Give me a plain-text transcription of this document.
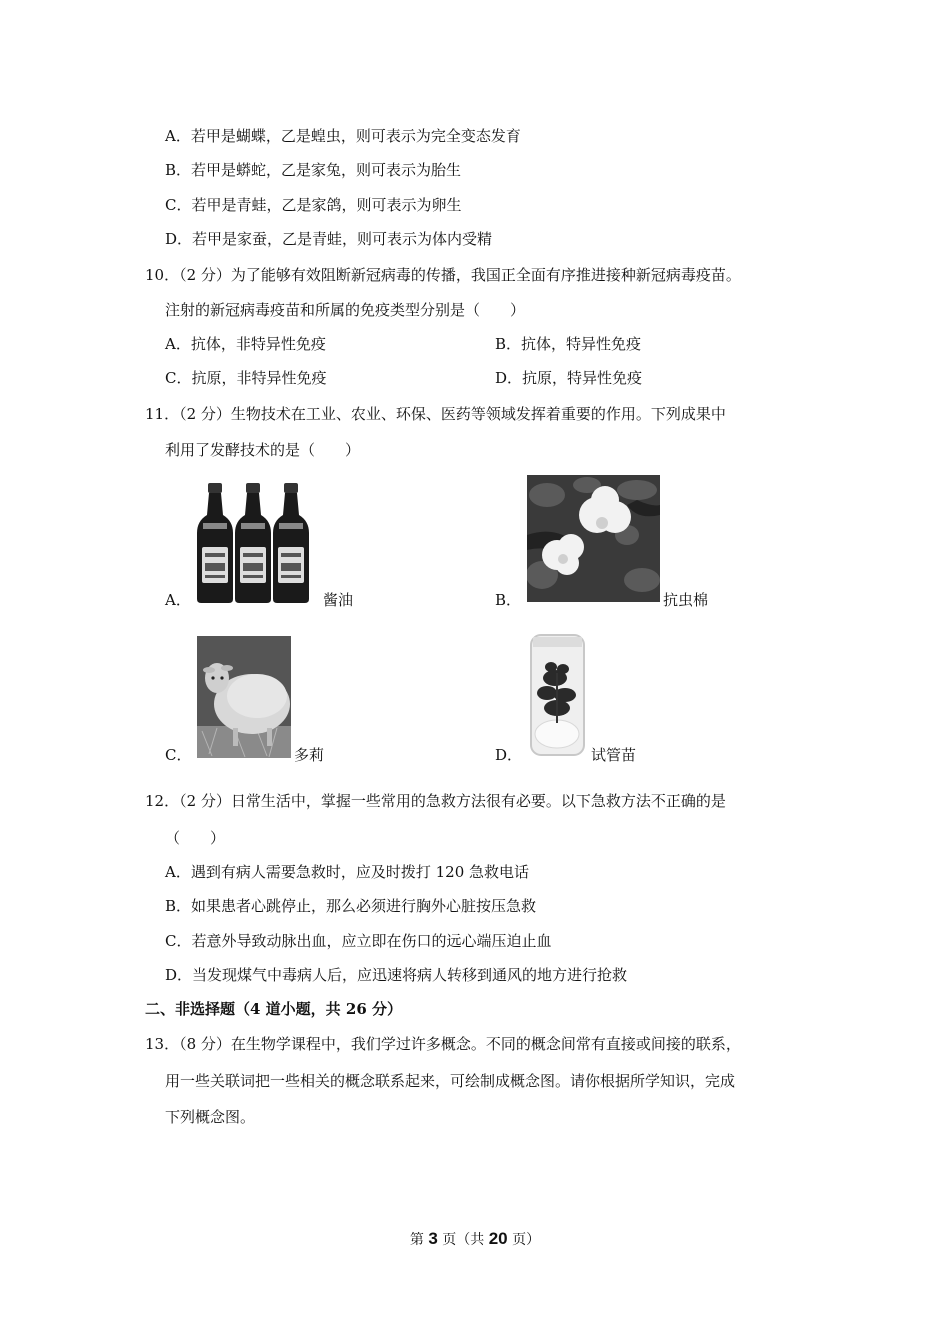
A．若甲是蝴蝶，乙是蝗虫，则可表示为完全变态发育
B．若甲是蟒蛇，乙是家兔，则可表示为胎生
C．若甲是青蛙，乙是家鸽，则可表示为卵生
D．若甲是家蚕，乙是青蛙，则可表示为体内受精
10．（2 分）为了能够有效阻断新冠病毒的传播，我国正全面有序推进接种新冠病毒疫苗。
注射的新冠病毒疫苗和所属的免疫类型分别是（　　）
A．抗体，非特异性免疫	B．抗体，特异性免疫
C．抗原，非特异性免疫	D．抗原，特异性免疫
11．（2 分）生物技术在工业、农业、环保、医药等领域发挥着重要的作用。下列成果中
利用了发酵技术的是（　　）
A．	酱油	B．	抗虫棉
C．	多莉	D．	试管苗
12．（2 分）日常生活中，掌握一些常用的急救方法很有必要。以下急救方法不正确的是
（　　）
A．遇到有病人需要急救时，应及时拨打 120 急救电话
B．如果患者心跳停止，那么必须进行胸外心脏按压急救
C．若意外导致动脉出血，应立即在伤口的远心端压迫止血
D．当发现煤气中毒病人后，应迅速将病人转移到通风的地方进行抢救
二、非选择题（4 道小题，共 26 分）
13．（8 分）在生物学课程中，我们学过许多概念。不同的概念间常有直接或间接的联系，
用一些关联词把一些相关的概念联系起来，可绘制成概念图。请你根据所学知识，完成
下列概念图。
第 3 页（共 20 页）
